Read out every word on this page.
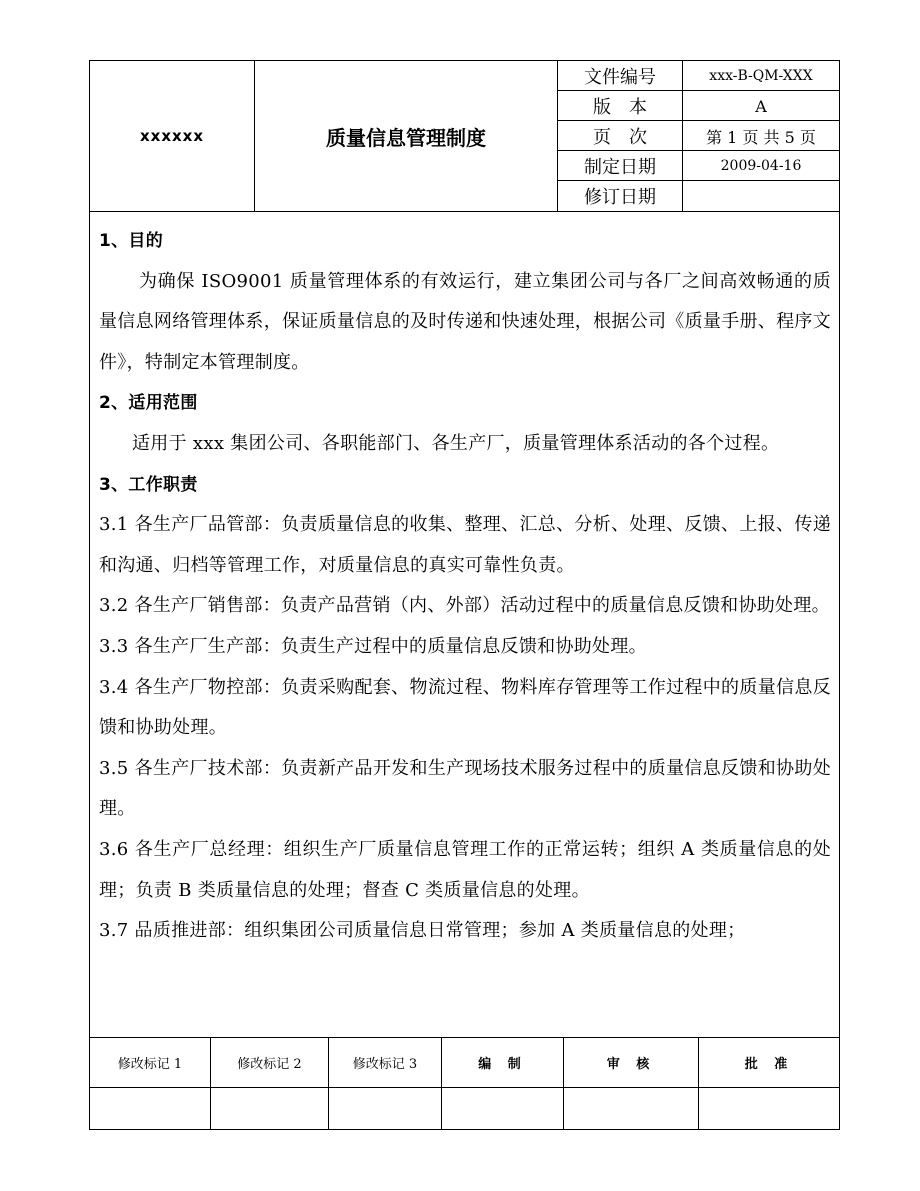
xxxxxx	质量信息管理制度
文件编号	xxx-B-QM-XXX
版　本	A
页　次	第 1 页 共 5 页
制定日期	2009-04-16
修订日期

1、目的

为确保 ISO9001 质量管理体系的有效运行，建立集团公司与各厂之间高效畅通的质量信息网络管理体系，保证质量信息的及时传递和快速处理，根据公司《质量手册、程序文件》，特制定本管理制度。

2、适用范围

适用于 xxx 集团公司、各职能部门、各生产厂，质量管理体系活动的各个过程。

3、工作职责

3.1 各生产厂品管部：负责质量信息的收集、整理、汇总、分析、处理、反馈、上报、传递和沟通、归档等管理工作，对质量信息的真实可靠性负责。

3.2 各生产厂销售部：负责产品营销（内、外部）活动过程中的质量信息反馈和协助处理。

3.3 各生产厂生产部：负责生产过程中的质量信息反馈和协助处理。

3.4 各生产厂物控部：负责采购配套、物流过程、物料库存管理等工作过程中的质量信息反馈和协助处理。

3.5 各生产厂技术部：负责新产品开发和生产现场技术服务过程中的质量信息反馈和协助处理。

3.6 各生产厂总经理：组织生产厂质量信息管理工作的正常运转；组织 A 类质量信息的处理；负责 B 类质量信息的处理；督查 C 类质量信息的处理。

3.7 品质推进部：组织集团公司质量信息日常管理；参加 A 类质量信息的处理；

修改标记 1	修改标记 2	修改标记 3	编 制	审 核	批 准
